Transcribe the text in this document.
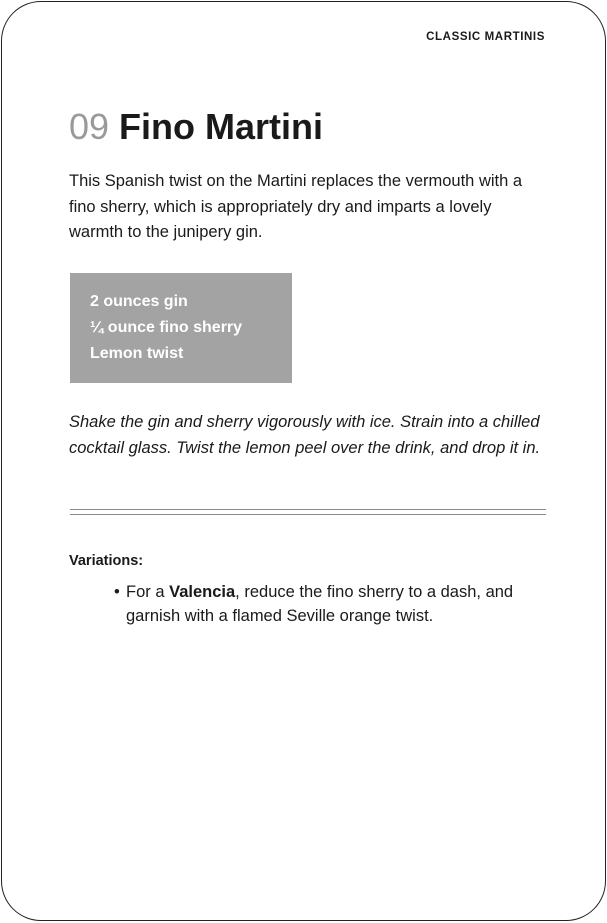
CLASSIC MARTINIS
09 Fino Martini

This Spanish twist on the Martini replaces the vermouth with a fino sherry, which is appropriately dry and imparts a lovely warmth to the junipery gin.

2 ounces gin
¼ ounce fino sherry
Lemon twist

Shake the gin and sherry vigorously with ice. Strain into a chilled cocktail glass. Twist the lemon peel over the drink, and drop it in.

Variations:
• For a Valencia, reduce the fino sherry to a dash, and garnish with a flamed Seville orange twist.
